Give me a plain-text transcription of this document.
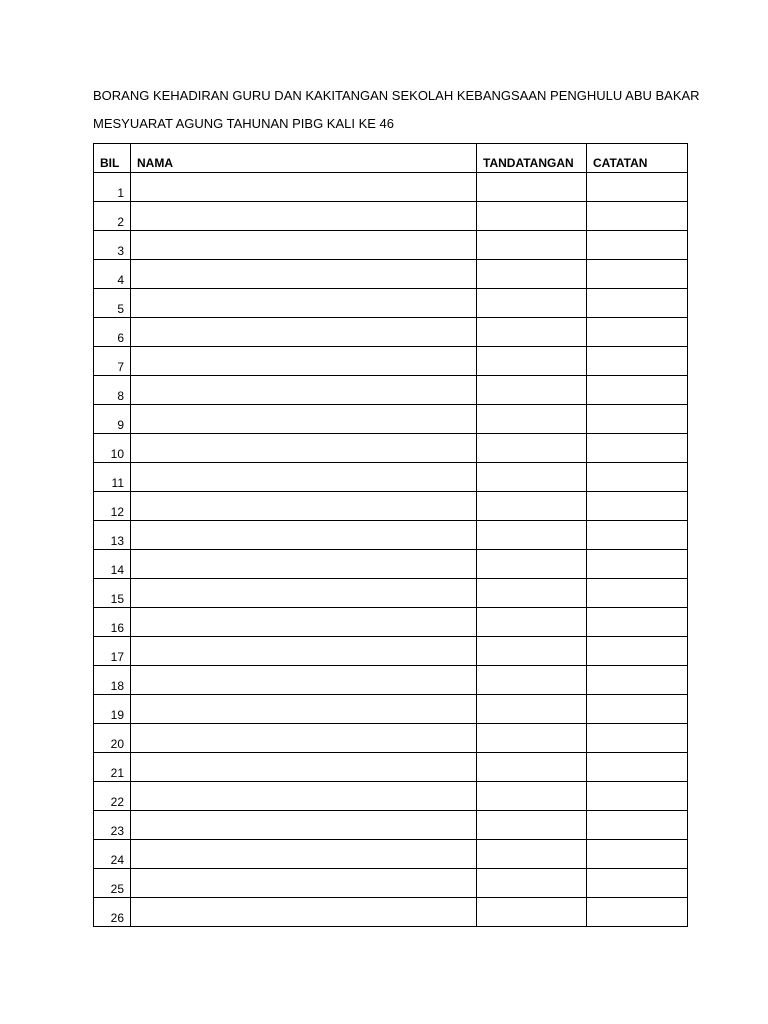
BORANG KEHADIRAN GURU DAN KAKITANGAN SEKOLAH KEBANGSAAN PENGHULU ABU BAKAR
MESYUARAT AGUNG TAHUNAN PIBG KALI KE 46
BIL	NAMA	TANDATANGAN	CATATAN
1			
2			
3			
4			
5			
6			
7			
8			
9			
10			
11			
12			
13			
14			
15			
16			
17			
18			
19			
20			
21			
22			
23			
24			
25			
26			
